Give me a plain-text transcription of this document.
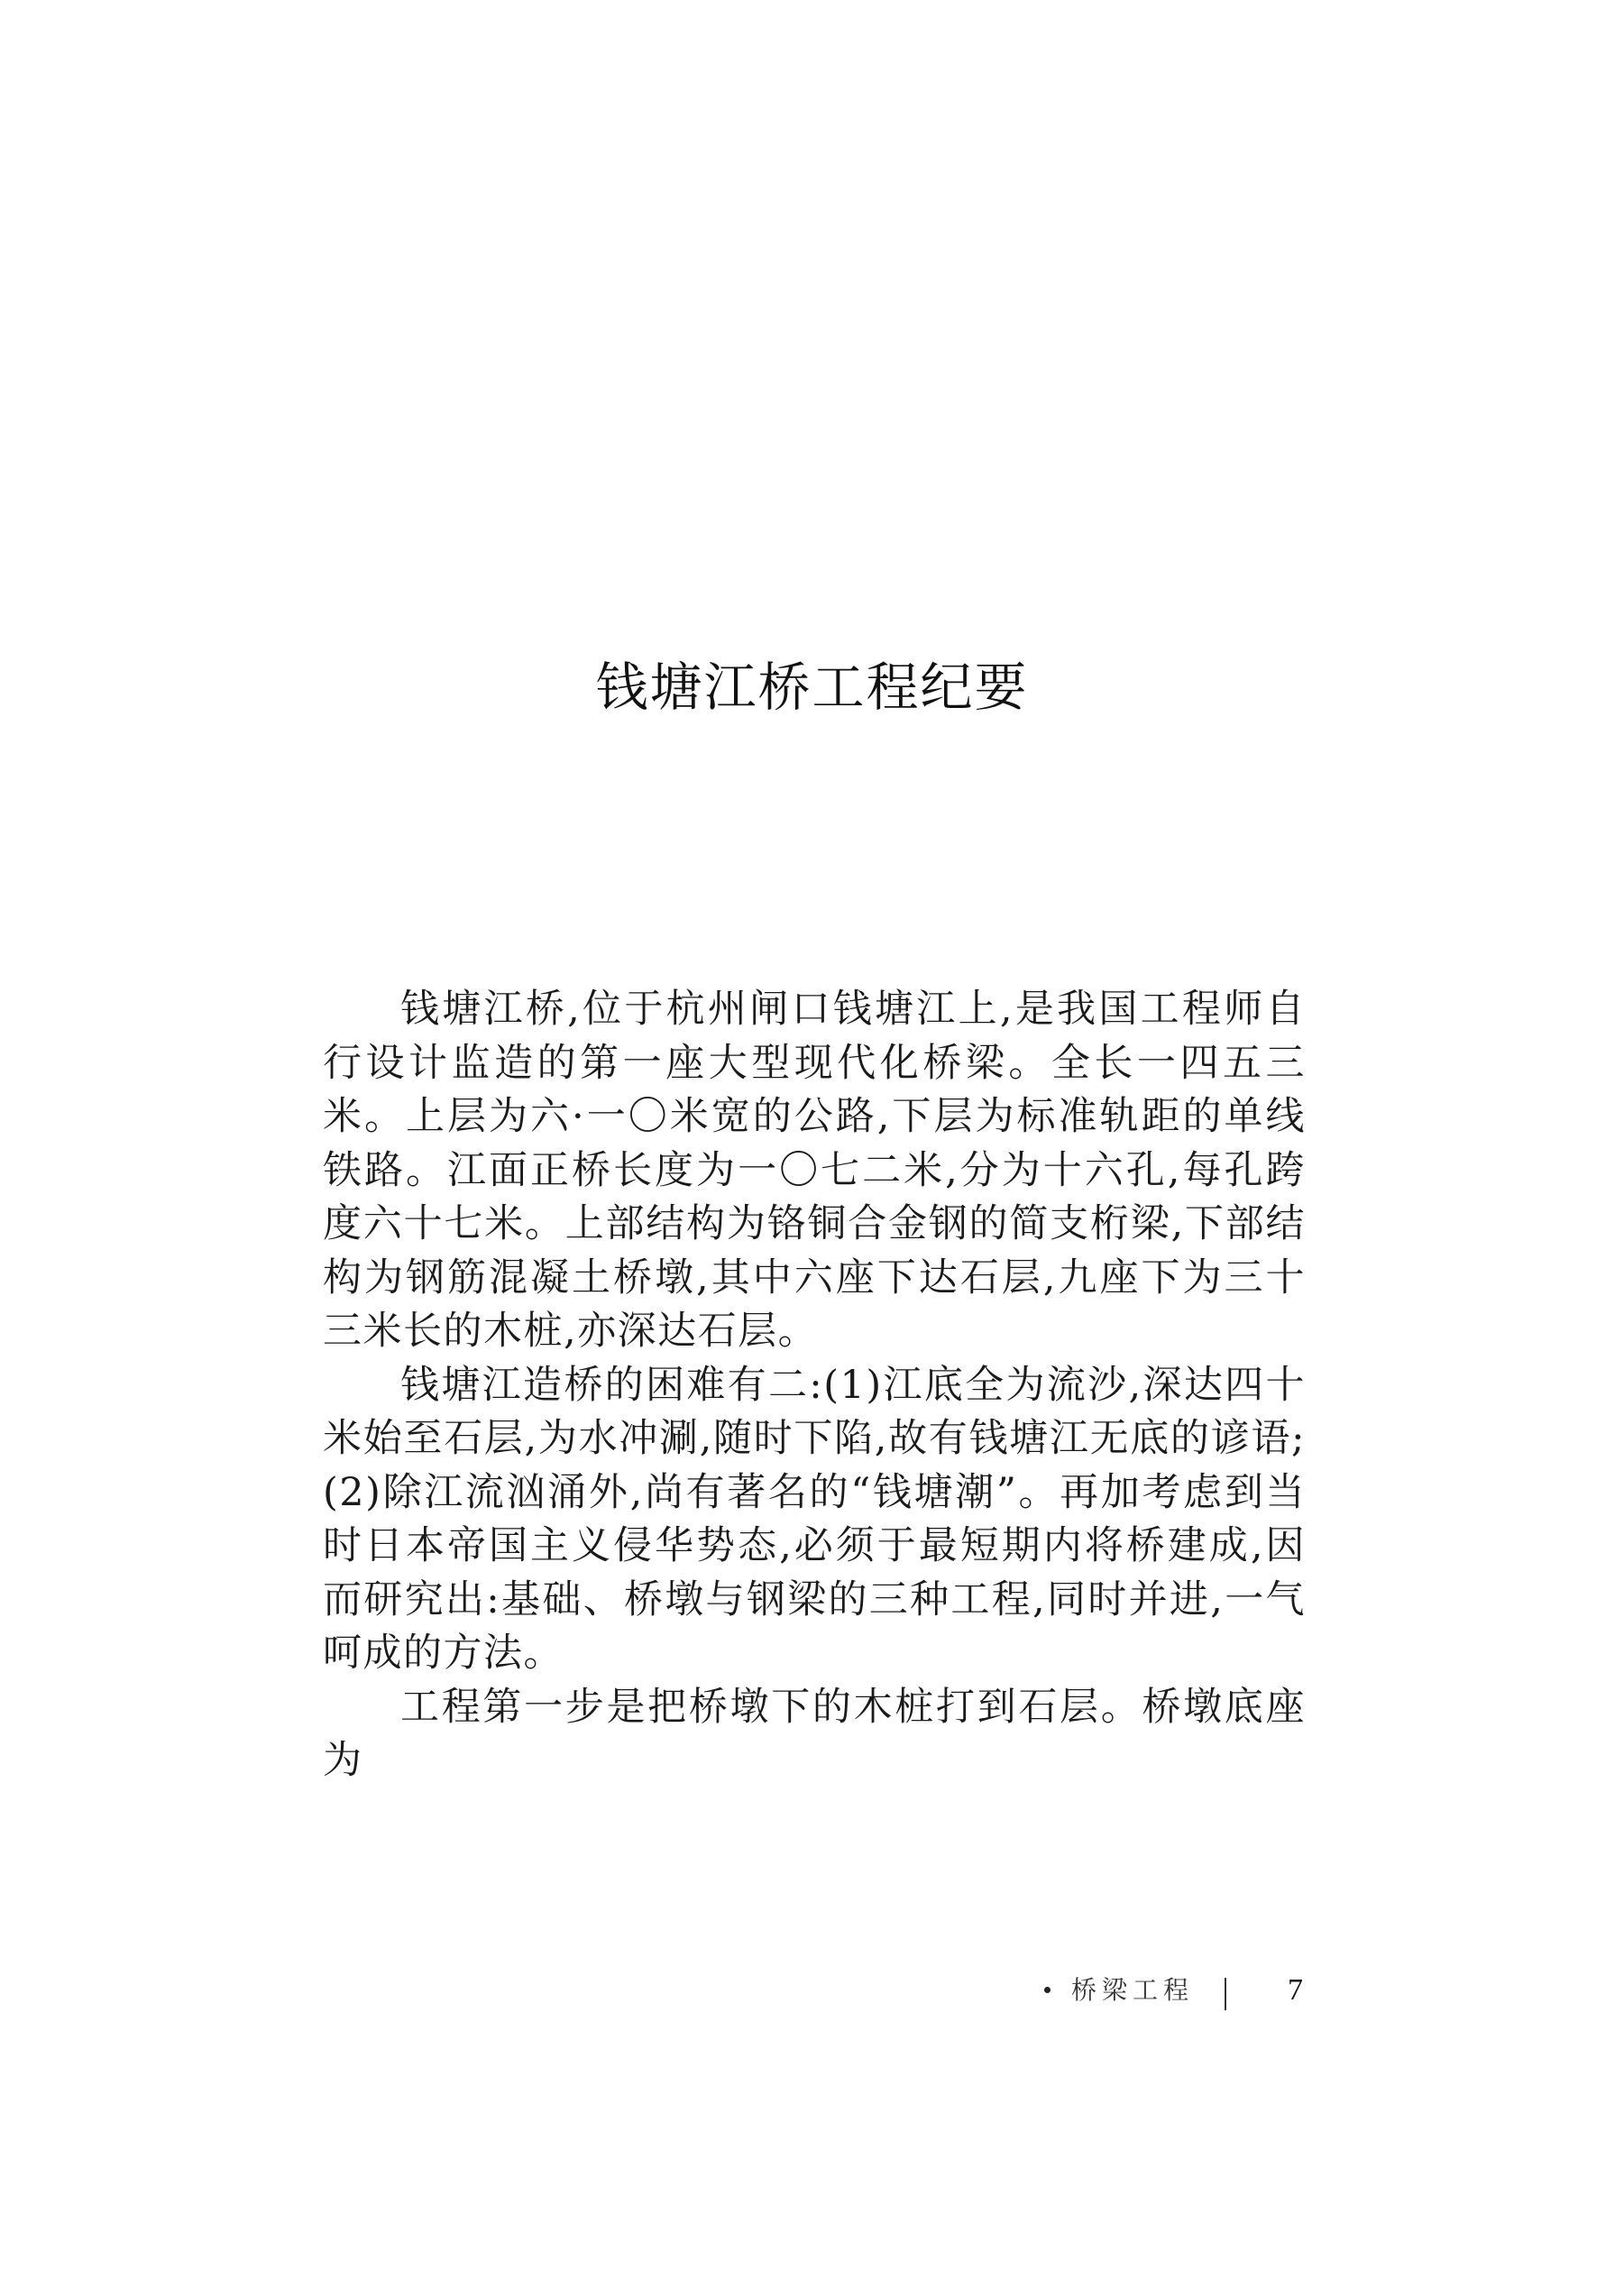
钱塘江桥工程纪要

钱塘江桥,位于杭州闸口钱塘江上,是我国工程师自行设计监造的第一座大型现代化桥梁。全长一四五三米。上层为六·一〇米宽的公路,下层为标准轨距的单线铁路。江面正桥长度为一〇七二米,分为十六孔,每孔跨度六十七米。上部结构为铬铜合金钢的简支桁梁,下部结构为钢筋混凝土桥墩,其中六座下达石层,九座下为三十三米长的木桩,亦深达石层。

钱塘江造桥的困难有二:(1)江底全为流沙,深达四十米始至石层,为水冲涮,随时下陷,故有钱塘江无底的谚语;(2)除江流汹涌外,尚有著名的“钱塘潮”。再加考虑到当时日本帝国主义侵华势态,必须于最短期内将桥建成,因而研究出:基础、桥墩与钢梁的三种工程,同时并进,一气呵成的方法。

工程第一步是把桥墩下的木桩打到石层。桥墩底座为

桥梁工程	7
